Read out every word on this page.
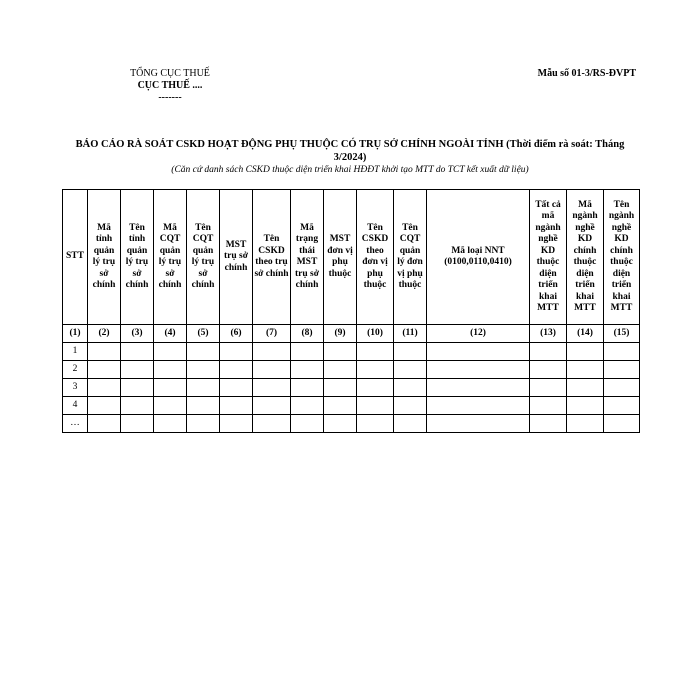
TỔNG CỤC THUẾ
CỤC THUẾ ....
-------
Mẫu số 01-3/RS-ĐVPT
BÁO CÁO RÀ SOÁT CSKD HOẠT ĐỘNG PHỤ THUỘC CÓ TRỤ SỞ CHÍNH NGOÀI TỈNH (Thời điểm rà soát: Tháng 3/2024)
(Căn cứ danh sách CSKD thuộc diện triển khai HĐĐT khởi tạo MTT do TCT kết xuất dữ liệu)
STT	Mã tỉnh quản lý trụ sở chính	Tên tỉnh quản lý trụ sở chính	Mã CQT quản lý trụ sở chính	Tên CQT quản lý trụ sở chính	MST trụ sở chính	Tên CSKD theo trụ sở chính	Mã trạng thái MST trụ sở chính	MST đơn vị phụ thuộc	Tên CSKD theo đơn vị phụ thuộc	Tên CQT quản lý đơn vị phụ thuộc	Mã loại NNT (0100,0110,0410)	Tất cả mã ngành nghề KD thuộc diện triển khai MTT	Mã ngành nghề KD chính thuộc diện triển khai MTT	Tên ngành nghề KD chính thuộc diện triển khai MTT
(1)	(2)	(3)	(4)	(5)	(6)	(7)	(8)	(9)	(10)	(11)	(12)	(13)	(14)	(15)
1														
2														
3														
4														
…														
